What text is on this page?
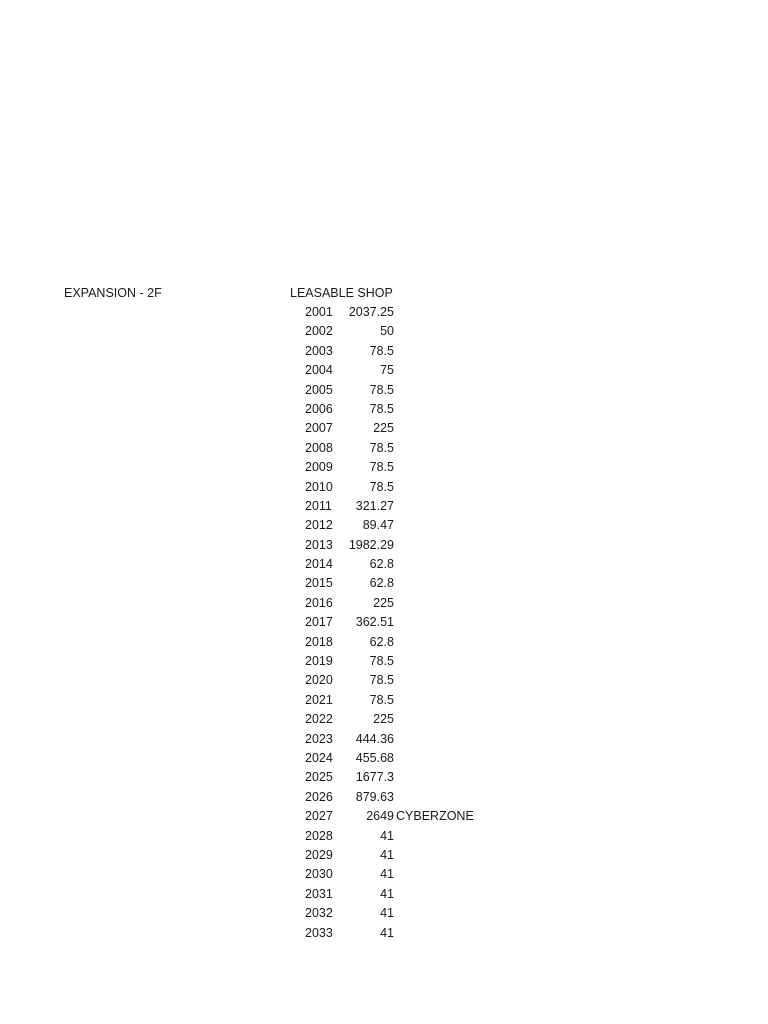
EXPANSION - 2F	LEASABLE SHOP
2001	2037.25
2002	50
2003	78.5
2004	75
2005	78.5
2006	78.5
2007	225
2008	78.5
2009	78.5
2010	78.5
2011	321.27
2012	89.47
2013	1982.29
2014	62.8
2015	62.8
2016	225
2017	362.51
2018	62.8
2019	78.5
2020	78.5
2021	78.5
2022	225
2023	444.36
2024	455.68
2025	1677.3
2026	879.63
2027	2649 CYBERZONE
2028	41
2029	41
2030	41
2031	41
2032	41
2033	41
